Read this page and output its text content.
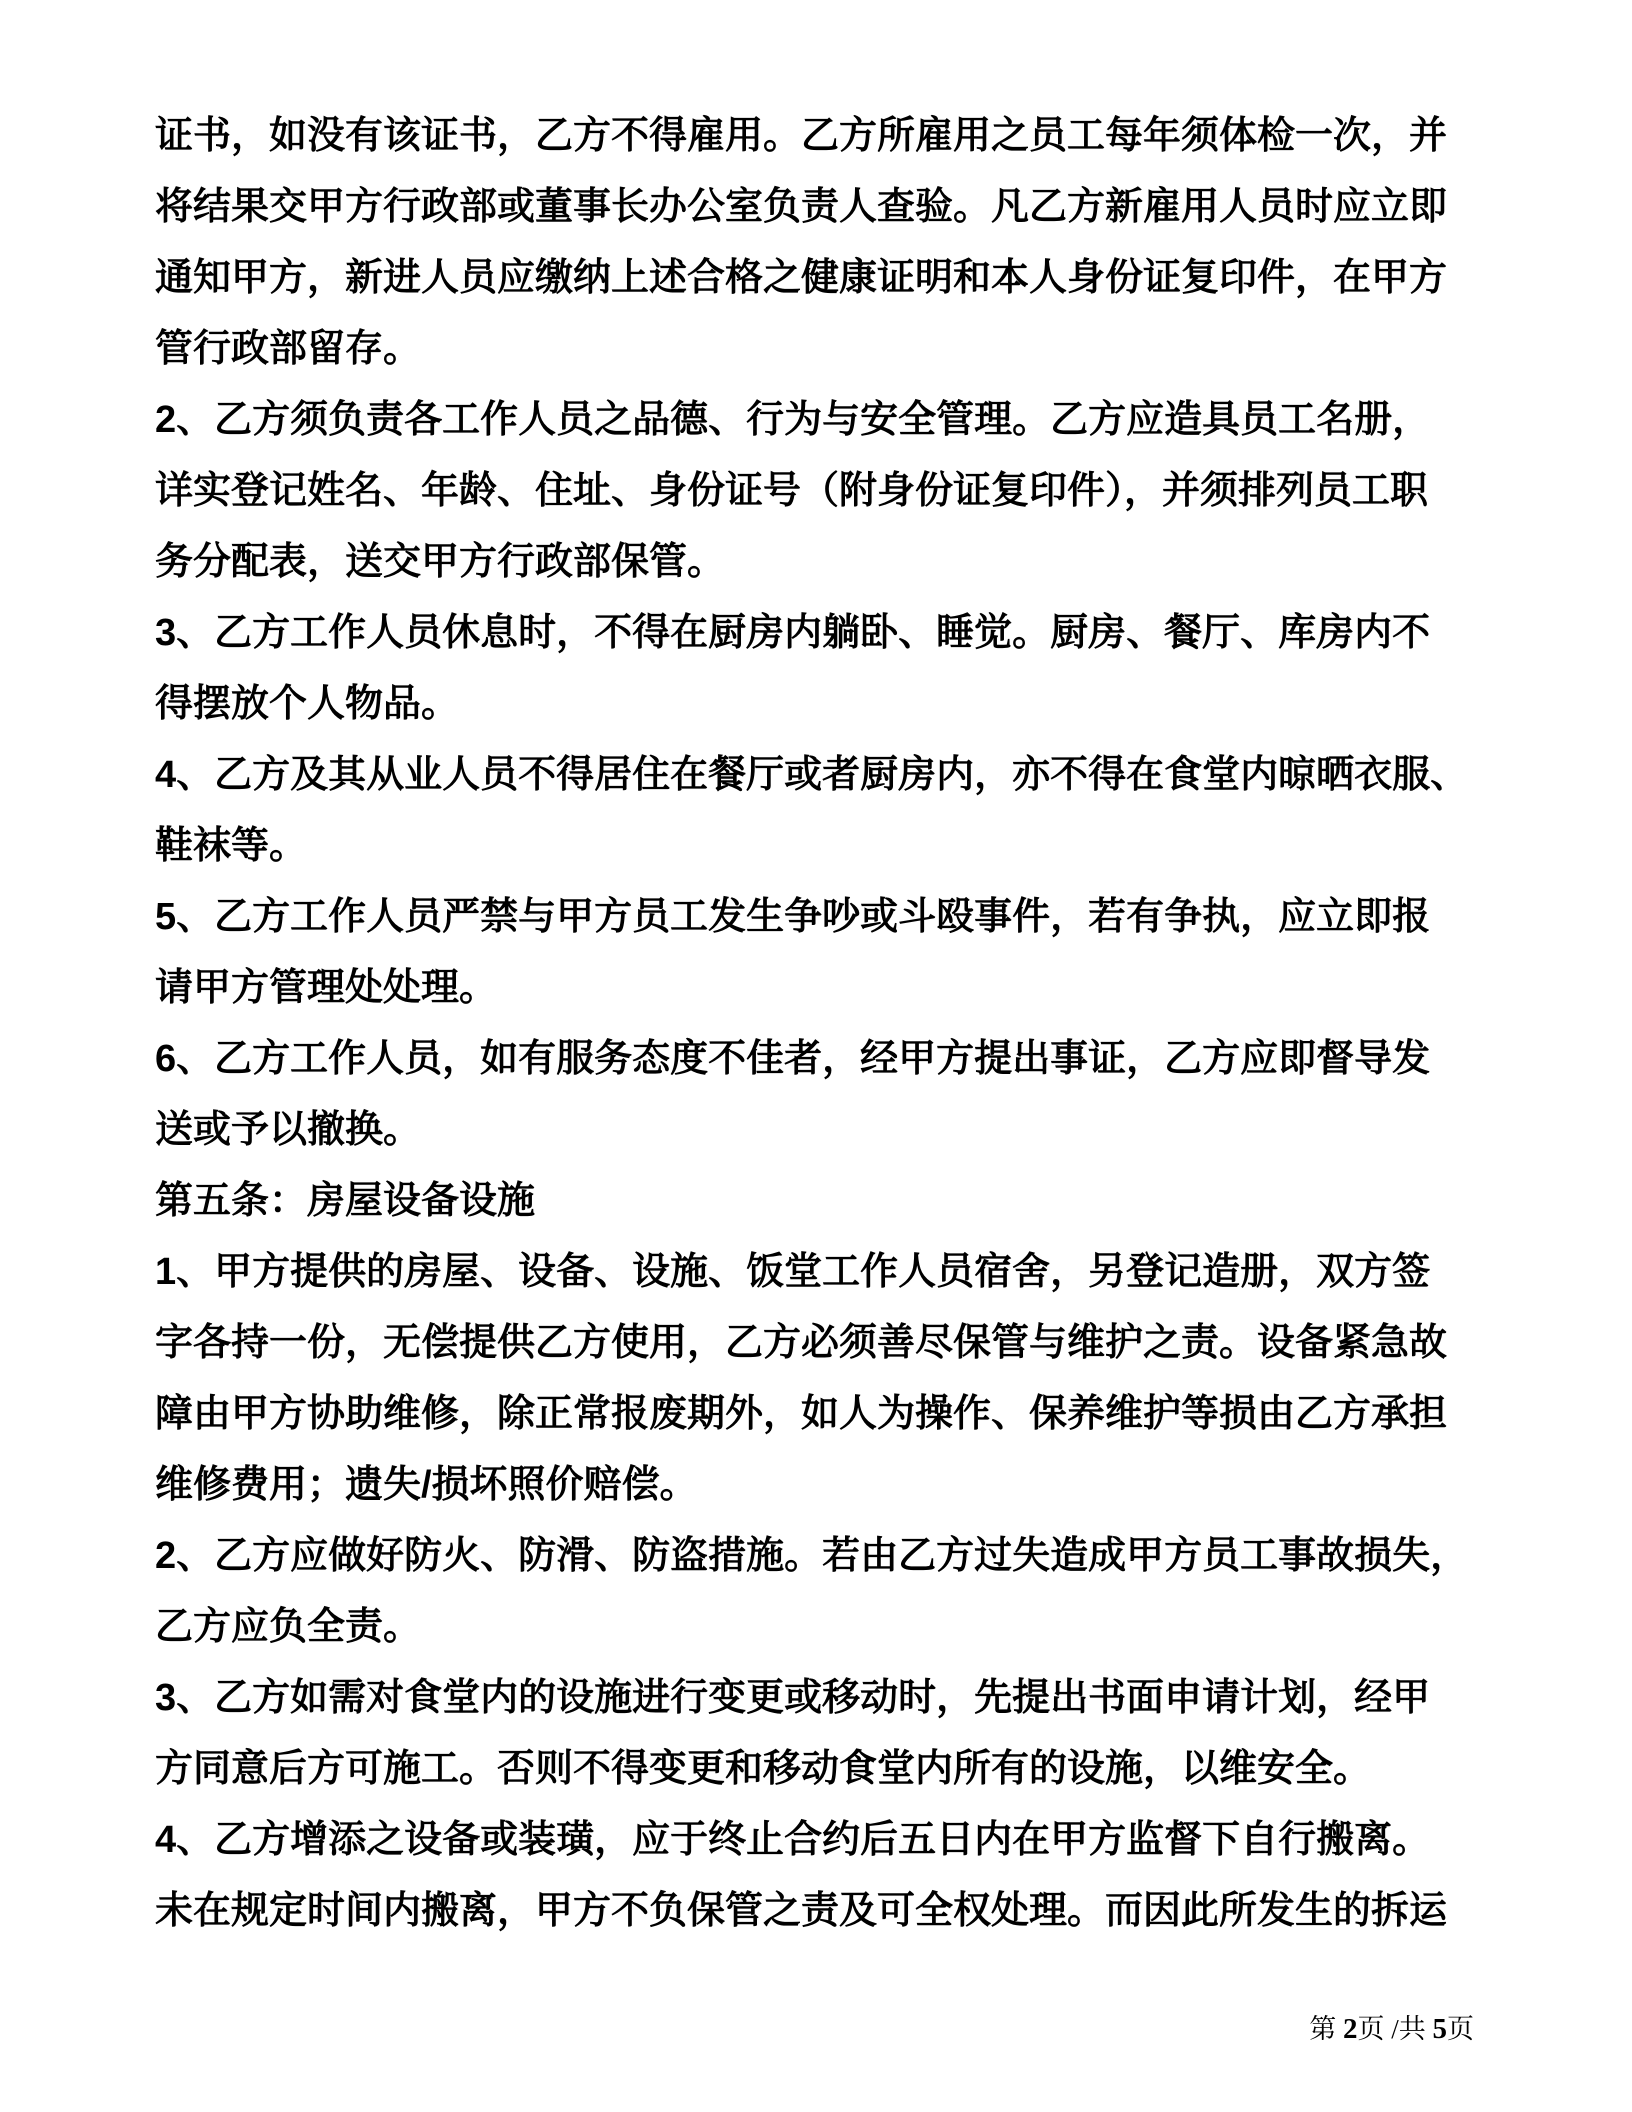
证书，如没有该证书，乙方不得雇用。乙方所雇用之员工每年须体检一次，并
将结果交甲方行政部或董事长办公室负责人查验。凡乙方新雇用人员时应立即
通知甲方，新进人员应缴纳上述合格之健康证明和本人身份证复印件，在甲方
管行政部留存。
2、乙方须负责各工作人员之品德、行为与安全管理。乙方应造具员工名册，
详实登记姓名、年龄、住址、身份证号（附身份证复印件），并须排列员工职
务分配表，送交甲方行政部保管。
3、乙方工作人员休息时，不得在厨房内躺卧、睡觉。厨房、餐厅、库房内不
得摆放个人物品。
4、乙方及其从业人员不得居住在餐厅或者厨房内，亦不得在食堂内晾晒衣服、
鞋袜等。
5、乙方工作人员严禁与甲方员工发生争吵或斗殴事件，若有争执，应立即报
请甲方管理处处理。
6、乙方工作人员，如有服务态度不佳者，经甲方提出事证，乙方应即督导发
送或予以撤换。
第五条：房屋设备设施
1、甲方提供的房屋、设备、设施、饭堂工作人员宿舍，另登记造册，双方签
字各持一份，无偿提供乙方使用，乙方必须善尽保管与维护之责。设备紧急故
障由甲方协助维修，除正常报废期外，如人为操作、保养维护等损由乙方承担
维修费用；遗失/损坏照价赔偿。
2、乙方应做好防火、防滑、防盗措施。若由乙方过失造成甲方员工事故损失，
乙方应负全责。
3、乙方如需对食堂内的设施进行变更或移动时，先提出书面申请计划，经甲
方同意后方可施工。否则不得变更和移动食堂内所有的设施，以维安全。
4、乙方增添之设备或装璜，应于终止合约后五日内在甲方监督下自行搬离。
未在规定时间内搬离，甲方不负保管之责及可全权处理。而因此所发生的拆运

第 2页 /共 5页
